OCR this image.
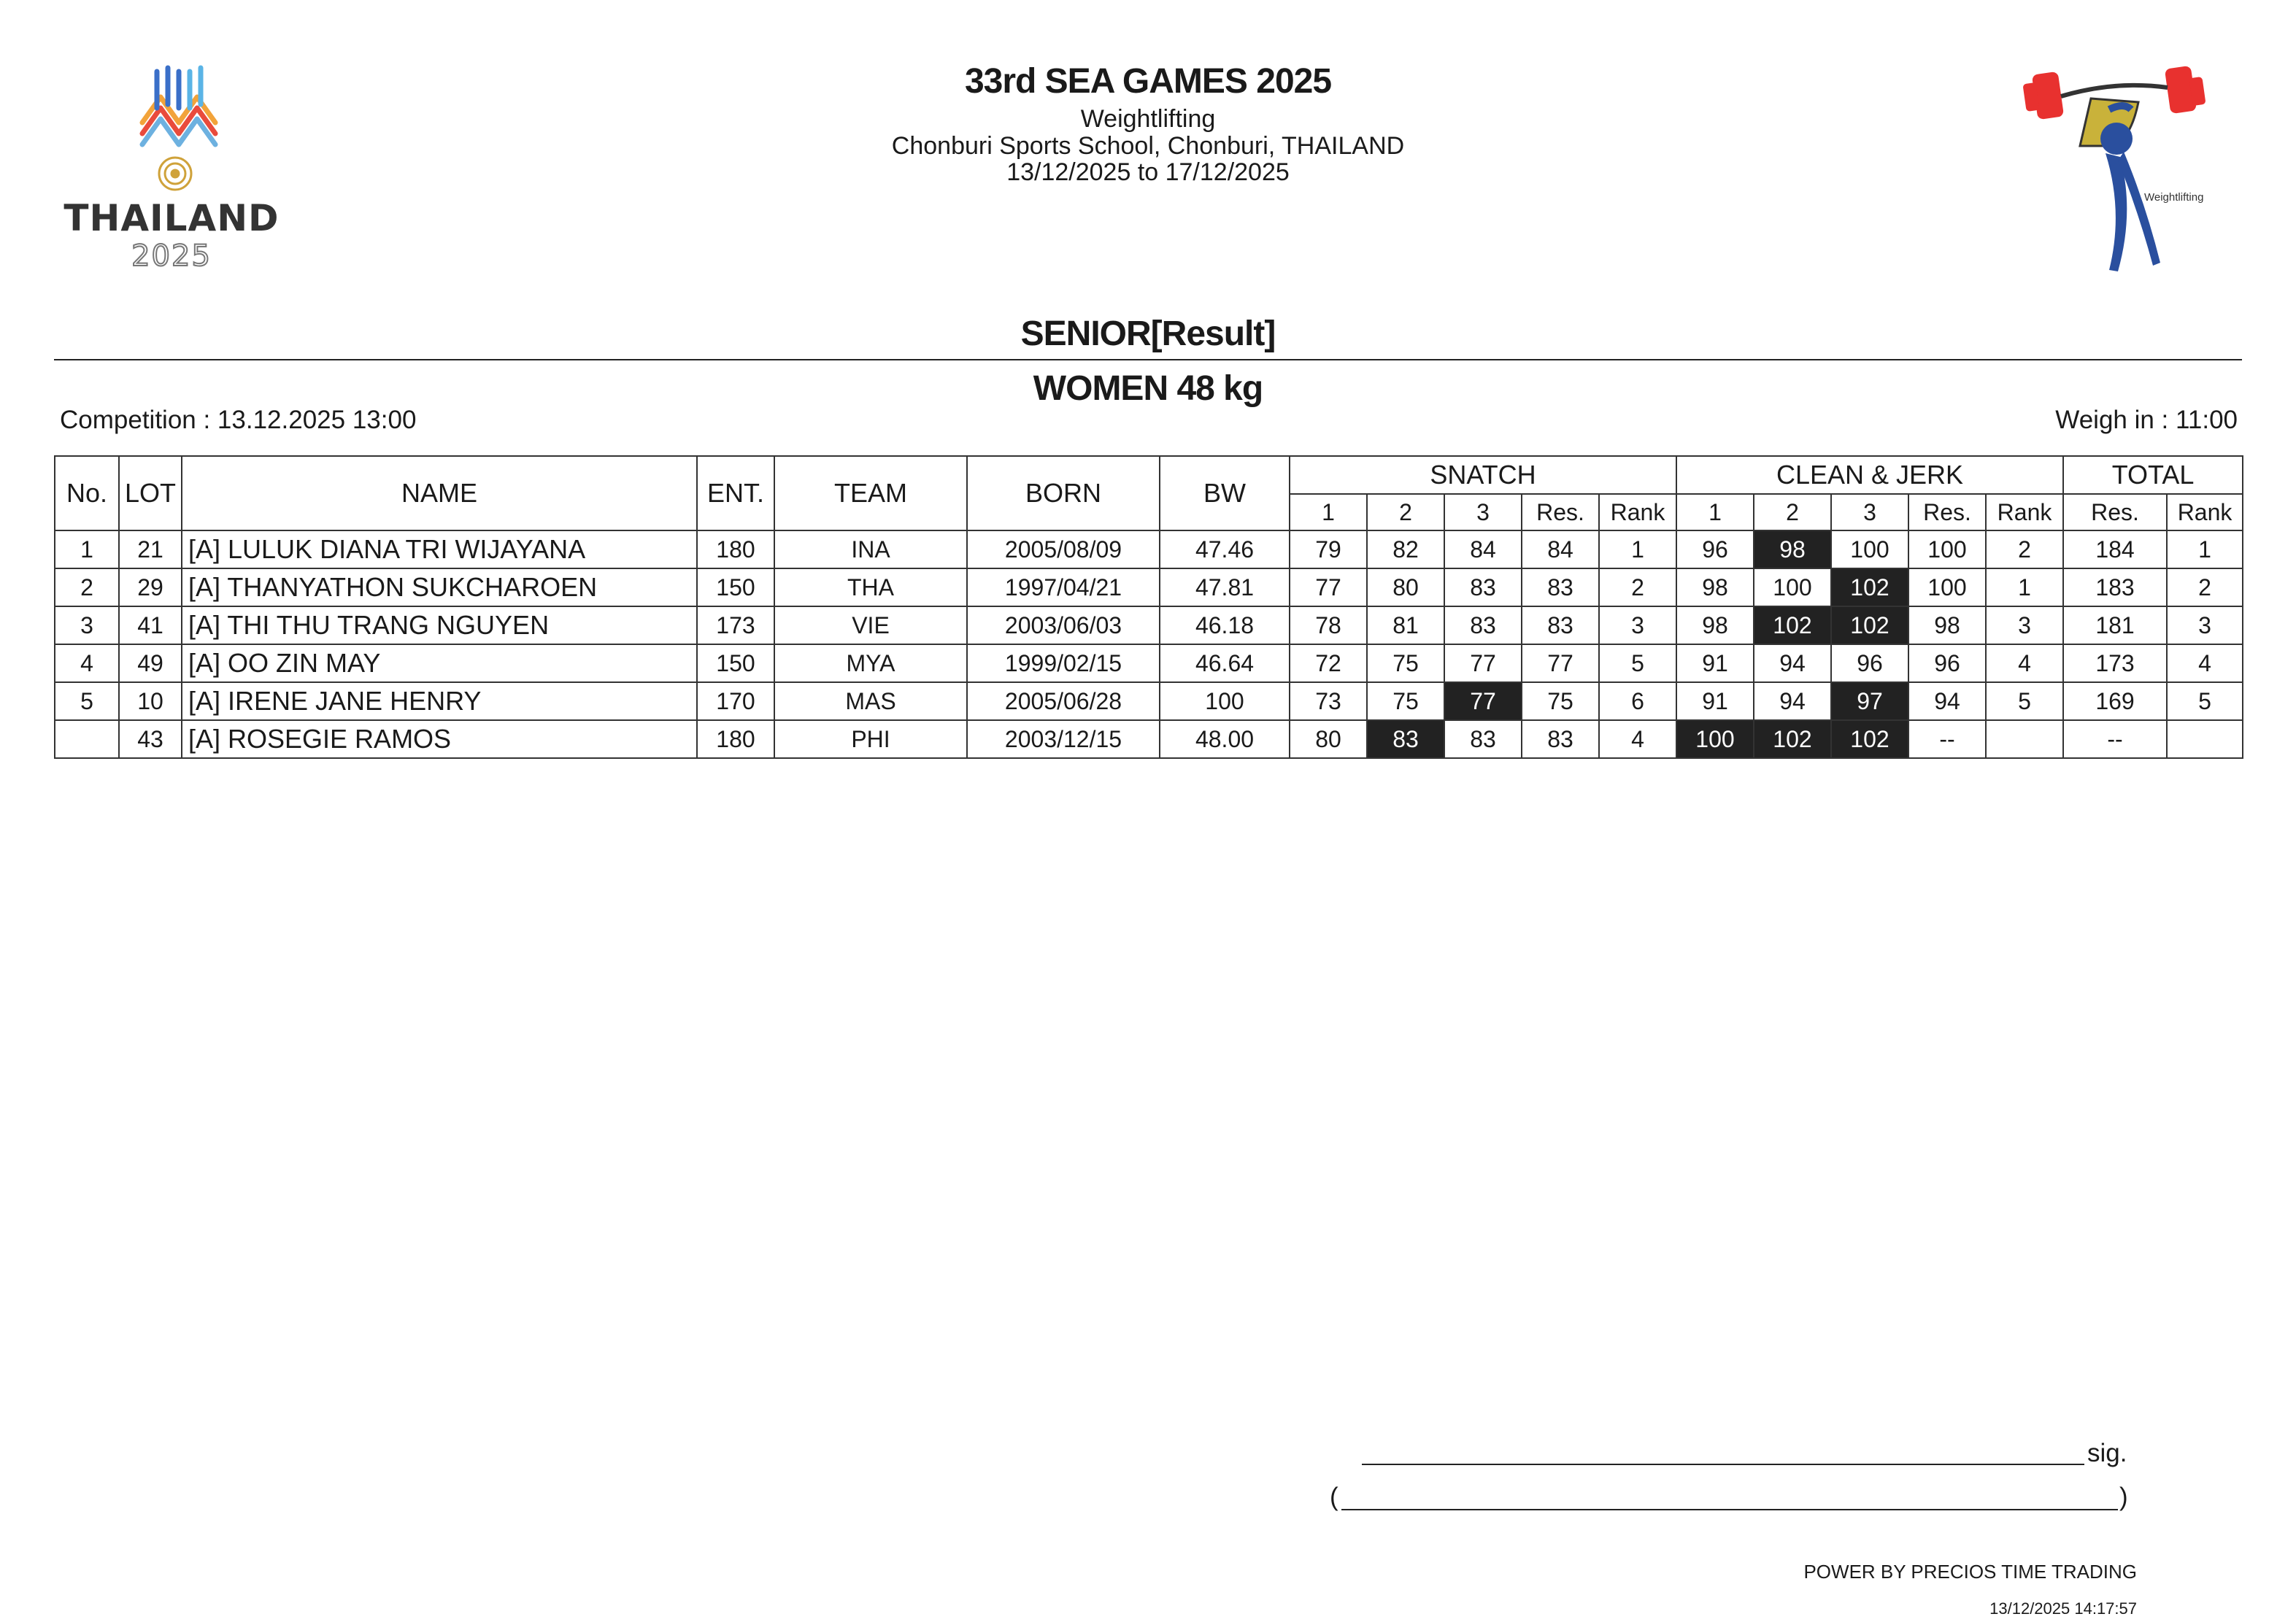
THAILAND
2025
Weightlifting
33rd SEA GAMES 2025
Weightlifting
Chonburi Sports School, Chonburi, THAILAND
13/12/2025 to 17/12/2025
SENIOR[Result]
WOMEN 48 kg
Competition : 13.12.2025 13:00	Weigh in : 11:00
No.	LOT	NAME	ENT.	TEAM	BORN	BW	SNATCH					CLEAN & JERK					TOTAL	
							1	2	3	Res.	Rank	1	2	3	Res.	Rank	Res.	Rank
1	21	[A] LULUK DIANA TRI WIJAYANA	180	INA	2005/08/09	47.46	79	82	84	84	1	96	98	100	100	2	184	1
2	29	[A] THANYATHON SUKCHAROEN	150	THA	1997/04/21	47.81	77	80	83	83	2	98	100	102	100	1	183	2
3	41	[A] THI THU TRANG NGUYEN	173	VIE	2003/06/03	46.18	78	81	83	83	3	98	102	102	98	3	181	3
4	49	[A] OO ZIN MAY	150	MYA	1999/02/15	46.64	72	75	77	77	5	91	94	96	96	4	173	4
5	10	[A] IRENE JANE HENRY	170	MAS	2005/06/28	100	73	75	77	75	6	91	94	97	94	5	169	5
	43	[A] ROSEGIE RAMOS	180	PHI	2003/12/15	48.00	80	83	83	83	4	100	102	102	--		--	
sig.
(	)
POWER BY PRECIOS TIME TRADING
13/12/2025 14:17:57
